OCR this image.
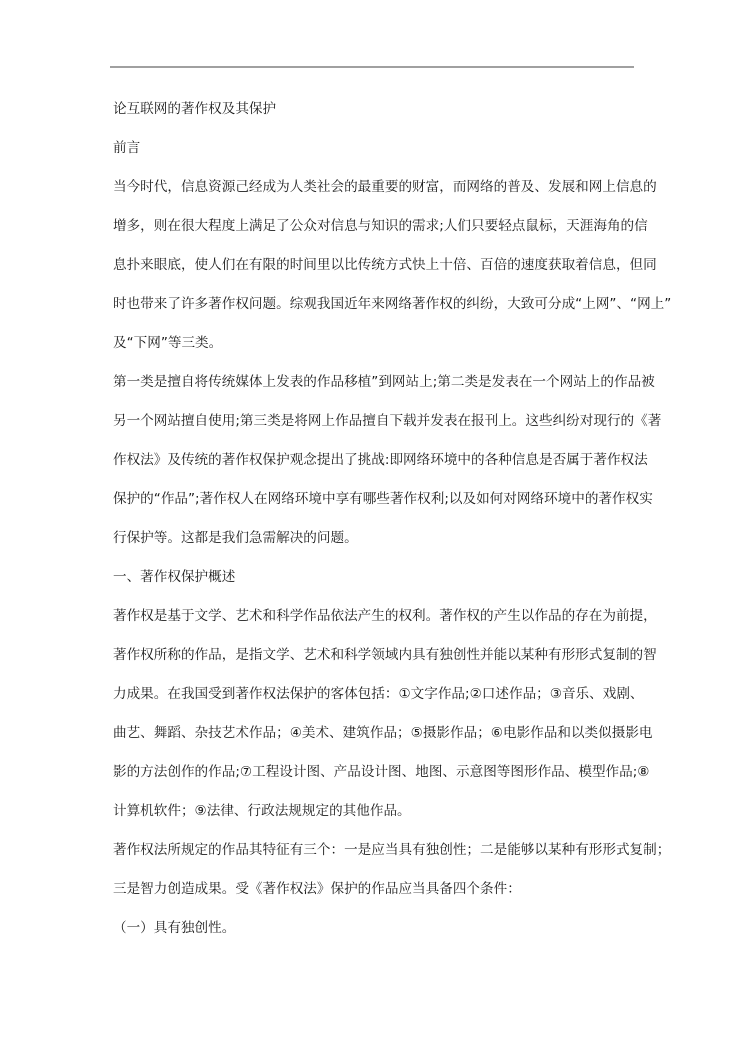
论互联网的著作权及其保护
前言
当今时代，信息资源己经成为人类社会的最重要的财富，而网络的普及、发展和网上信息的
增多，则在很大程度上满足了公众对信息与知识的需求;人们只要轻点鼠标，天涯海角的信
息扑来眼底，使人们在有限的时间里以比传统方式快上十倍、百倍的速度获取着信息，但同
时也带来了许多著作权问题。综观我国近年来网络著作权的纠纷，大致可分成“上网”、“网上”
及“下网”等三类。
第一类是擅自将传统媒体上发表的作品移植”到网站上;第二类是发表在一个网站上的作品被
另一个网站擅自使用;第三类是将网上作品擅自下载并发表在报刊上。这些纠纷对现行的《著
作权法》及传统的著作权保护观念提出了挑战:即网络环境中的各种信息是否属于著作权法
保护的“作品”;著作权人在网络环境中享有哪些著作权利;以及如何对网络环境中的著作权实
行保护等。这都是我们急需解决的问题。
一、著作权保护概述
著作权是基于文学、艺术和科学作品依法产生的权利。著作权的产生以作品的存在为前提，
著作权所称的作品，是指文学、艺术和科学领域内具有独创性并能以某种有形形式复制的智
力成果。在我国受到著作权法保护的客体包括：①文字作品;②口述作品；③音乐、戏剧、
曲艺、舞蹈、杂技艺术作品；④美术、建筑作品；⑤摄影作品；⑥电影作品和以类似摄影电
影的方法创作的作品;⑦工程设计图、产品设计图、地图、示意图等图形作品、模型作品;⑧
计算机软件；⑨法律、行政法规规定的其他作品。
著作权法所规定的作品其特征有三个：一是应当具有独创性；二是能够以某种有形形式复制；
三是智力创造成果。受《著作权法》保护的作品应当具备四个条件：
（一）具有独创性。
